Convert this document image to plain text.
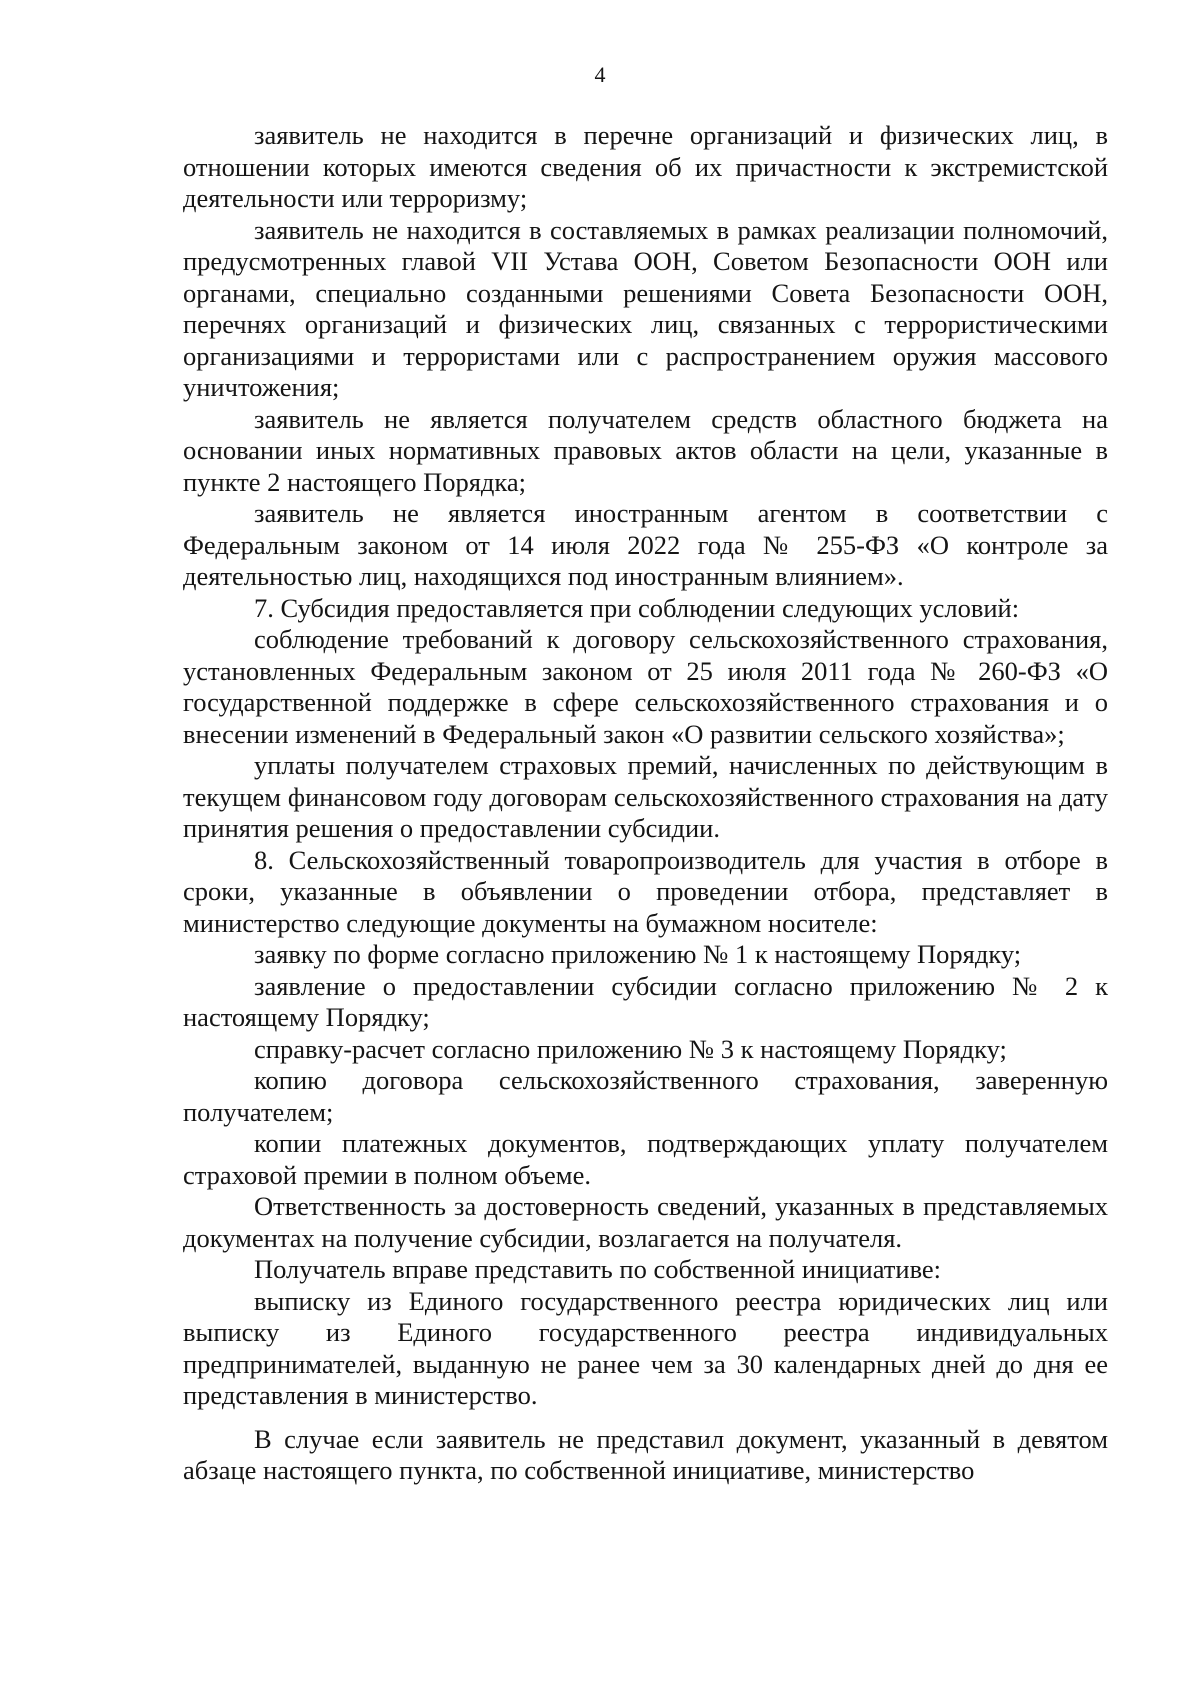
4

заявитель не находится в перечне организаций и физических лиц, в отношении которых имеются сведения об их причастности к экстремистской деятельности или терроризму;

заявитель не находится в составляемых в рамках реализации полномочий, предусмотренных главой VII Устава ООН, Советом Безопасности ООН или органами, специально созданными решениями Совета Безопасности ООН, перечнях организаций и физических лиц, связанных с террористическими организациями и террористами или с распространением оружия массового уничтожения;

заявитель не является получателем средств областного бюджета на основании иных нормативных правовых актов области на цели, указанные в пункте 2 настоящего Порядка;

заявитель не является иностранным агентом в соответствии с Федеральным законом от 14 июля 2022 года № 255-ФЗ «О контроле за деятельностью лиц, находящихся под иностранным влиянием».

7. Субсидия предоставляется при соблюдении следующих условий:

соблюдение требований к договору сельскохозяйственного страхования, установленных Федеральным законом от 25 июля 2011 года № 260-ФЗ «О государственной поддержке в сфере сельскохозяйственного страхования и о внесении изменений в Федеральный закон «О развитии сельского хозяйства»;

уплаты получателем страховых премий, начисленных по действующим в текущем финансовом году договорам сельскохозяйственного страхования на дату принятия решения о предоставлении субсидии.

8. Сельскохозяйственный товаропроизводитель для участия в отборе в сроки, указанные в объявлении о проведении отбора, представляет в министерство следующие документы на бумажном носителе:

заявку по форме согласно приложению № 1 к настоящему Порядку;

заявление о предоставлении субсидии согласно приложению № 2 к настоящему Порядку;

справку-расчет согласно приложению № 3 к настоящему Порядку;

копию договора сельскохозяйственного страхования, заверенную получателем;

копии платежных документов, подтверждающих уплату получателем страховой премии в полном объеме.

Ответственность за достоверность сведений, указанных в представляемых документах на получение субсидии, возлагается на получателя.

Получатель вправе представить по собственной инициативе:

выписку из Единого государственного реестра юридических лиц или выписку из Единого государственного реестра индивидуальных предпринимателей, выданную не ранее чем за 30 календарных дней до дня ее представления в министерство.

В случае если заявитель не представил документ, указанный в девятом абзаце настоящего пункта, по собственной инициативе, министерство
